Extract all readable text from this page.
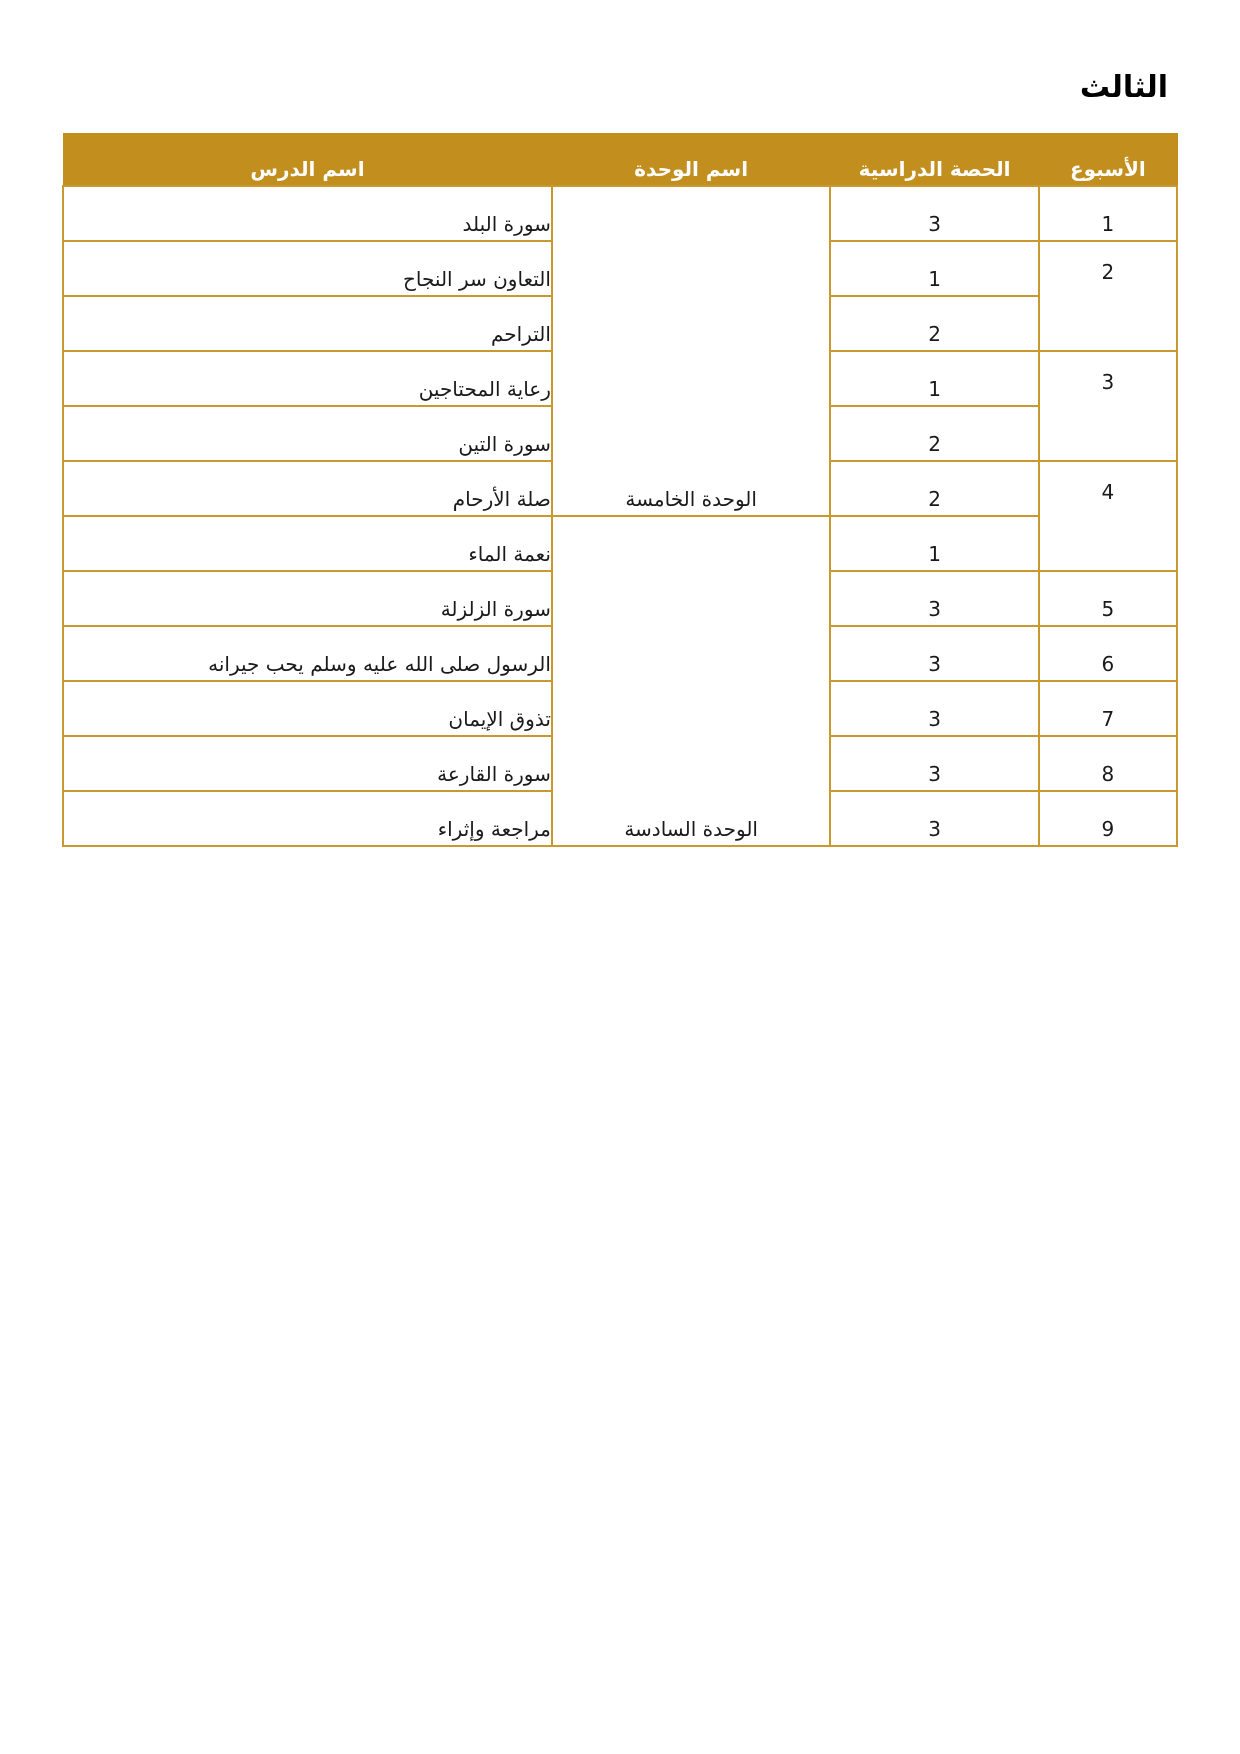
الثالث
الأسبوع	الحصة الدراسية	اسم الوحدة	اسم الدرس
1	3	الوحدة الخامسة	سورة البلد
2	1		التعاون سر النجاح
	2		التراحم
3	1		رعاية المحتاجين
	2		سورة التين
4	2		صلة الأرحام
	1	الوحدة السادسة	نعمة الماء
5	3		سورة الزلزلة
6	3		الرسول صلى الله عليه وسلم يحب جيرانه
7	3		تذوق الإيمان
8	3		سورة القارعة
9	3		مراجعة وإثراء
